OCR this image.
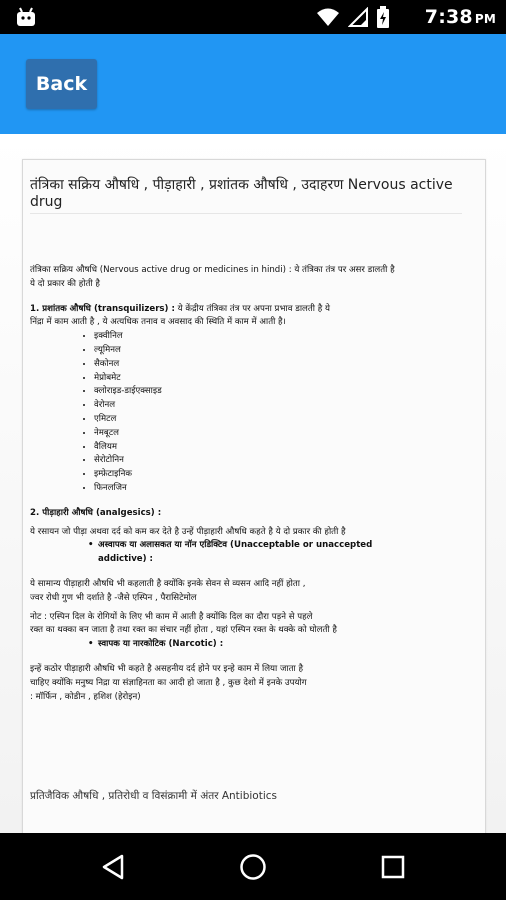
7:38 PM
Back
तंत्रिका सक्रिय औषधि , पीड़ाहारी , प्रशांतक औषधि , उदाहरण Nervous active drug

तंत्रिका सक्रिय औषधि (Nervous active drug or medicines in hindi) : ये तंत्रिका तंत्र पर असर डालती है

ये दो प्रकार की होती है

1. प्रशांतक औषधि (transquilizers) : ये केंद्रीय तंत्रिका तंत्र पर अपना प्रभाव डालती है ये

निंद्रा में काम आती है , ये अत्यधिक तनाव व अवसाद की स्थिति में काम में आती है।

• इक्वीनिल
• ल्यूमिनल
• सैकोनल
• मेप्रोबमेट
• क्लोराइड-डाईएक्साइड
• वेरोनल
• एमिटल
• नेमबूटल
• वैलियम
• सेरोटोनिन
• इम्फ़ेटाइनिक
• फिनलजिन

2. पीड़ाहारी औषधि (analgesics) :

ये रसायन जो पीड़ा अथवा दर्द को कम कर देते है उन्हें पीड़ाहारी औषधि कहते है ये दो प्रकार की होती है

• अस्वापक या अलासकत या नॉन एडिक्टिव (Unacceptable or unaccepted
addictive) :

ये सामान्य पीड़ाहारी औषधि भी कहलाती है क्योंकि इनके सेवन से व्यसन आदि नहीं होता ,

ज्वर रोधी गुण भी दर्शाते है -जैसे एस्पिन , पैरासिटेमोल

नोट : एस्पिन दिल के रोगियों के लिए भी काम में आती है क्योंकि दिल का दौरा पड़ने से पहले

रक्त का थक्का बन जाता है तथा रक्त का संचार नहीं होता , यहां एस्पिन रक्त के थक्के को घोलती है

• स्वापक या नारकोटिक (Narcotic) :

इन्हें कठोर पीड़ाहारी औषधि भी कहते है असहनीय दर्द होने पर इन्हे काम में लिया जाता है

चाहिए क्योंकि मनुष्य निद्रा या संज्ञाहिनता का आदी हो जाता है , कुछ देशो में इनके उपयोग

: मॉर्फिन , कोडीन , हशिश (हेरोइन)

प्रतिजैविक औषधि , प्रतिरोधी व विसंक्रामी में अंतर Antibiotics
